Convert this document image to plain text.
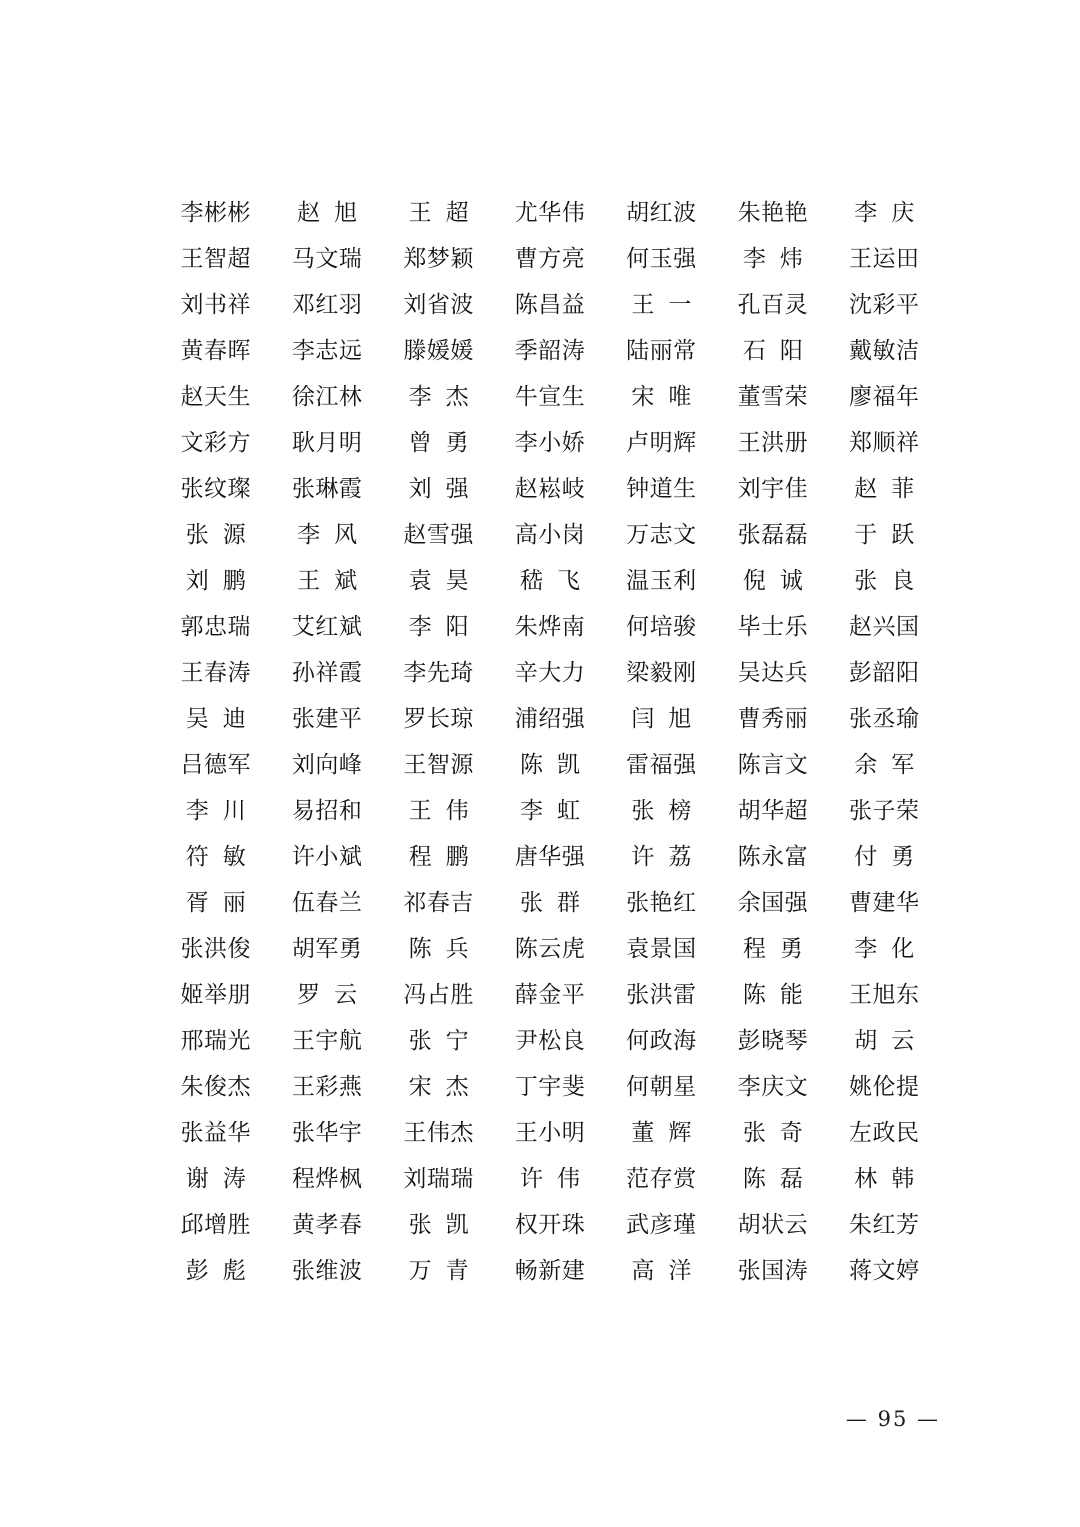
李彬彬	赵旭	王超	尤华伟	胡红波	朱艳艳	李庆
王智超	马文瑞	郑梦颖	曹方亮	何玉强	李炜	王运田
刘书祥	邓红羽	刘省波	陈昌益	王一	孔百灵	沈彩平
黄春晖	李志远	滕媛媛	季韶涛	陆丽常	石阳	戴敏洁
赵天生	徐江林	李杰	牛宣生	宋唯	董雪荣	廖福年
文彩方	耿月明	曾勇	李小娇	卢明辉	王洪册	郑顺祥
张纹璨	张琳霞	刘强	赵崧岐	钟道生	刘宇佳	赵菲
张源	李风	赵雪强	高小岗	万志文	张磊磊	于跃
刘鹏	王斌	袁昊	嵇飞	温玉利	倪诚	张良
郭忠瑞	艾红斌	李阳	朱烨南	何培骏	毕士乐	赵兴国
王春涛	孙祥霞	李先琦	辛大力	梁毅刚	吴达兵	彭韶阳
吴迪	张建平	罗长琼	浦绍强	闫旭	曹秀丽	张丞瑜
吕德军	刘向峰	王智源	陈凯	雷福强	陈言文	余军
李川	易招和	王伟	李虹	张榜	胡华超	张子荣
符敏	许小斌	程鹏	唐华强	许荔	陈永富	付勇
胥丽	伍春兰	祁春吉	张群	张艳红	余国强	曹建华
张洪俊	胡军勇	陈兵	陈云虎	袁景国	程勇	李化
姬举朋	罗云	冯占胜	薛金平	张洪雷	陈能	王旭东
邢瑞光	王宇航	张宁	尹松良	何政海	彭晓琴	胡云
朱俊杰	王彩燕	宋杰	丁宇斐	何朝星	李庆文	姚伦提
张益华	张华宇	王伟杰	王小明	董辉	张奇	左政民
谢涛	程烨枫	刘瑞瑞	许伟	范存赏	陈磊	林韩
邱增胜	黄孝春	张凯	权开珠	武彦瑾	胡状云	朱红芳
彭彪	张维波	万青	畅新建	高洋	张国涛	蒋文婷
— 95 —
